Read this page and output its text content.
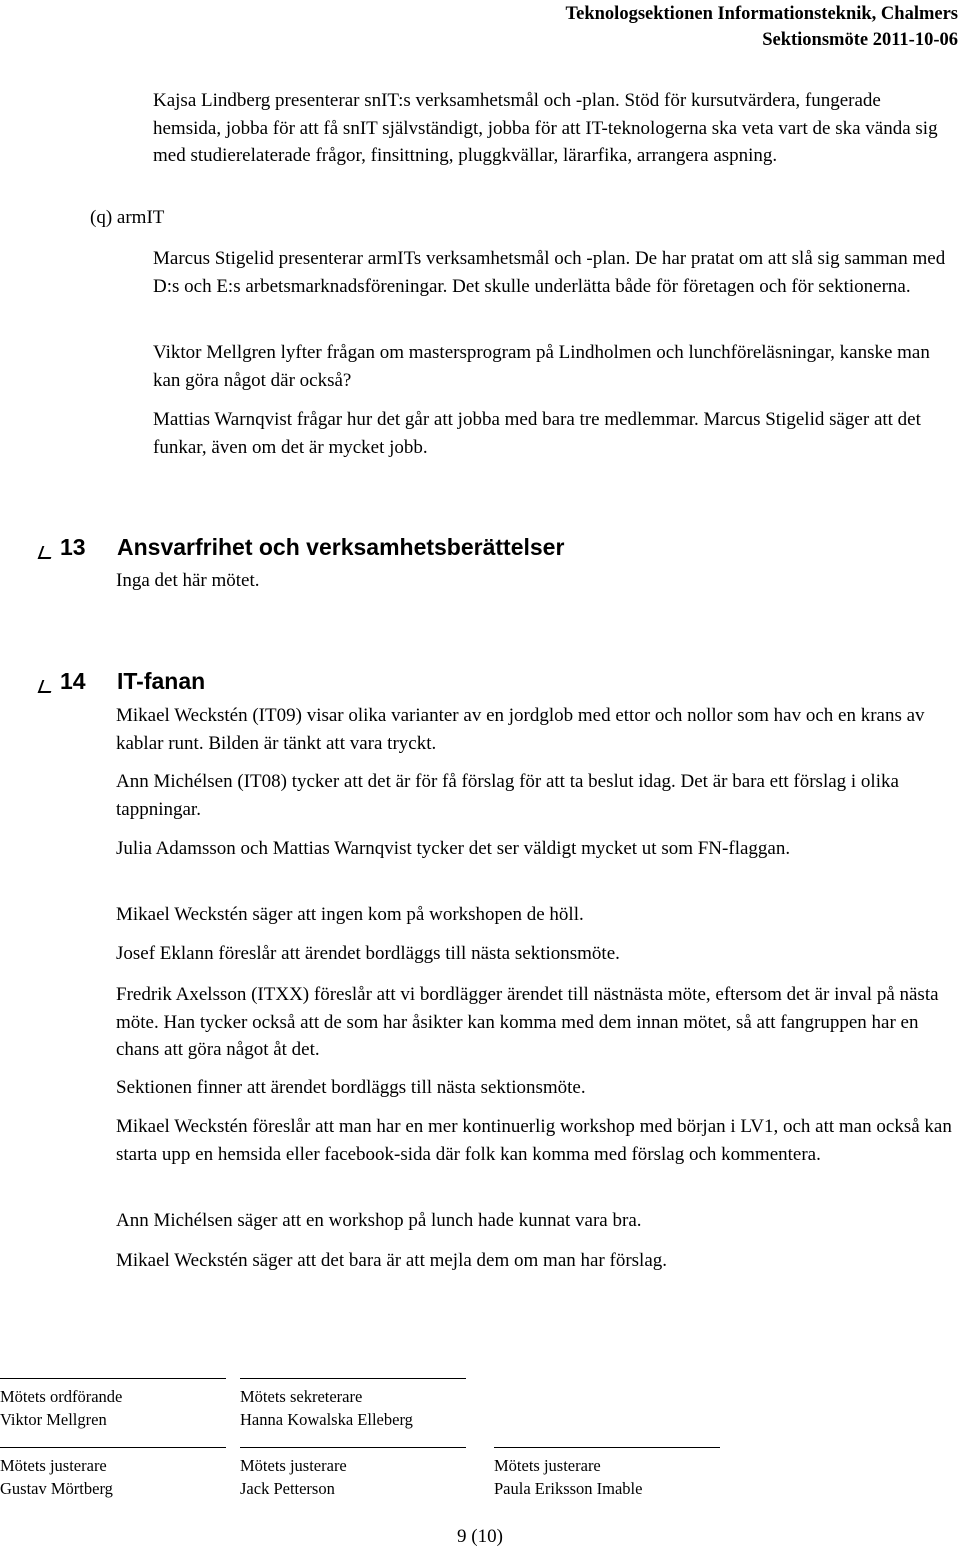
Teknologsektionen Informationsteknik, Chalmers
Sektionsmöte 2011-10-06
Kajsa Lindberg presenterar snIT:s verksamhetsmål och -plan. Stöd för kursutvärdera, fungerade hemsida, jobba för att få snIT självständigt, jobba för att IT-teknologerna ska veta vart de ska vända sig med studierelaterade frågor, finsittning, pluggkvällar, lärarfika, arrangera aspning.
(q) armIT
Marcus Stigelid presenterar armITs verksamhetsmål och -plan. De har pratat om att slå sig samman med D:s och E:s arbetsmarknadsföreningar. Det skulle underlätta både för företagen och för sektionerna.
Viktor Mellgren lyfter frågan om mastersprogram på Lindholmen och lunchföreläsningar, kanske man kan göra något där också?
Mattias Warnqvist frågar hur det går att jobba med bara tre medlemmar. Marcus Stigelid säger att det funkar, även om det är mycket jobb.
13 Ansvarfrihet och verksamhetsberättelser
Inga det här mötet.
14 IT-fanan
Mikael Weckstén (IT09) visar olika varianter av en jordglob med ettor och nollor som hav och en krans av kablar runt. Bilden är tänkt att vara tryckt.
Ann Michélsen (IT08) tycker att det är för få förslag för att ta beslut idag. Det är bara ett förslag i olika tappningar.
Julia Adamsson och Mattias Warnqvist tycker det ser väldigt mycket ut som FN-flaggan.
Mikael Weckstén säger att ingen kom på workshopen de höll.
Josef Eklann föreslår att ärendet bordläggs till nästa sektionsmöte.
Fredrik Axelsson (ITXX) föreslår att vi bordlägger ärendet till nästnästa möte, eftersom det är inval på nästa möte. Han tycker också att de som har åsikter kan komma med dem innan mötet, så att fangruppen har en chans att göra något åt det.
Sektionen finner att ärendet bordläggs till nästa sektionsmöte.
Mikael Weckstén föreslår att man har en mer kontinuerlig workshop med början i LV1, och att man också kan starta upp en hemsida eller facebook-sida där folk kan komma med förslag och kommentera.
Ann Michélsen säger att en workshop på lunch hade kunnat vara bra.
Mikael Weckstén säger att det bara är att mejla dem om man har förslag.
Mötets ordförande
Viktor Mellgren
Mötets sekreterare
Hanna Kowalska Elleberg
Mötets justerare
Gustav Mörtberg
Mötets justerare
Jack Petterson
Mötets justerare
Paula Eriksson Imable
9 (10)
